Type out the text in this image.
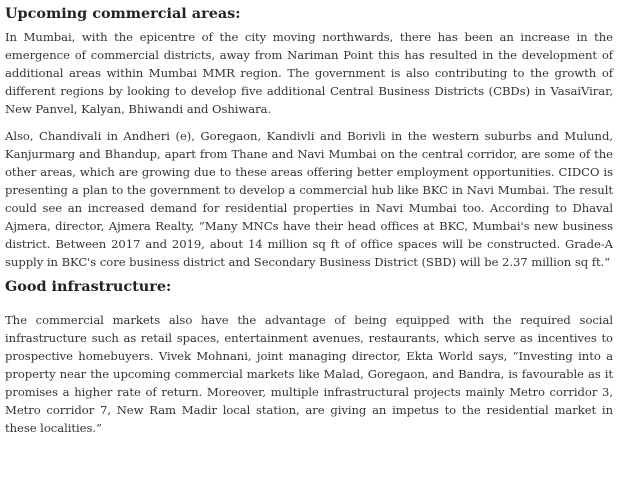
Upcoming commercial areas:

In Mumbai, with the epicentre of the city moving northwards, there has been an increase in the emergence of commercial districts, away from Nariman Point this has resulted in the development of additional areas within Mumbai MMR region. The government is also contributing to the growth of different regions by looking to develop five additional Central Business Districts (CBDs) in VasaiVirar, New Panvel, Kalyan, Bhiwandi and Oshiwara.

Also, Chandivali in Andheri (e), Goregaon, Kandivli and Borivli in the western suburbs and Mulund, Kanjurmarg and Bhandup, apart from Thane and Navi Mumbai on the central corridor, are some of the other areas, which are growing due to these areas offering better employment opportunities. CIDCO is presenting a plan to the government to develop a commercial hub like BKC in Navi Mumbai. The result could see an increased demand for residential properties in Navi Mumbai too. According to Dhaval Ajmera, director, Ajmera Realty, “Many MNCs have their head offices at BKC, Mumbai's new business district. Between 2017 and 2019, about 14 million sq ft of office spaces will be constructed. Grade-A supply in BKC's core business district and Secondary Business District (SBD) will be 2.37 million sq ft.“

Good infrastructure:

The commercial markets also have the advantage of being equipped with the required social infrastructure such as retail spaces, entertainment avenues, restaurants, which serve as incentives to prospective homebuyers. Vivek Mohnani, joint managing director, Ekta World says, “Investing into a property near the upcoming commercial markets like Malad, Goregaon, and Bandra, is favourable as it promises a higher rate of return. Moreover, multiple infrastructural projects mainly Metro corridor 3, Metro corridor 7, New Ram Madir local station, are giving an impetus to the residential market in these localities.“
